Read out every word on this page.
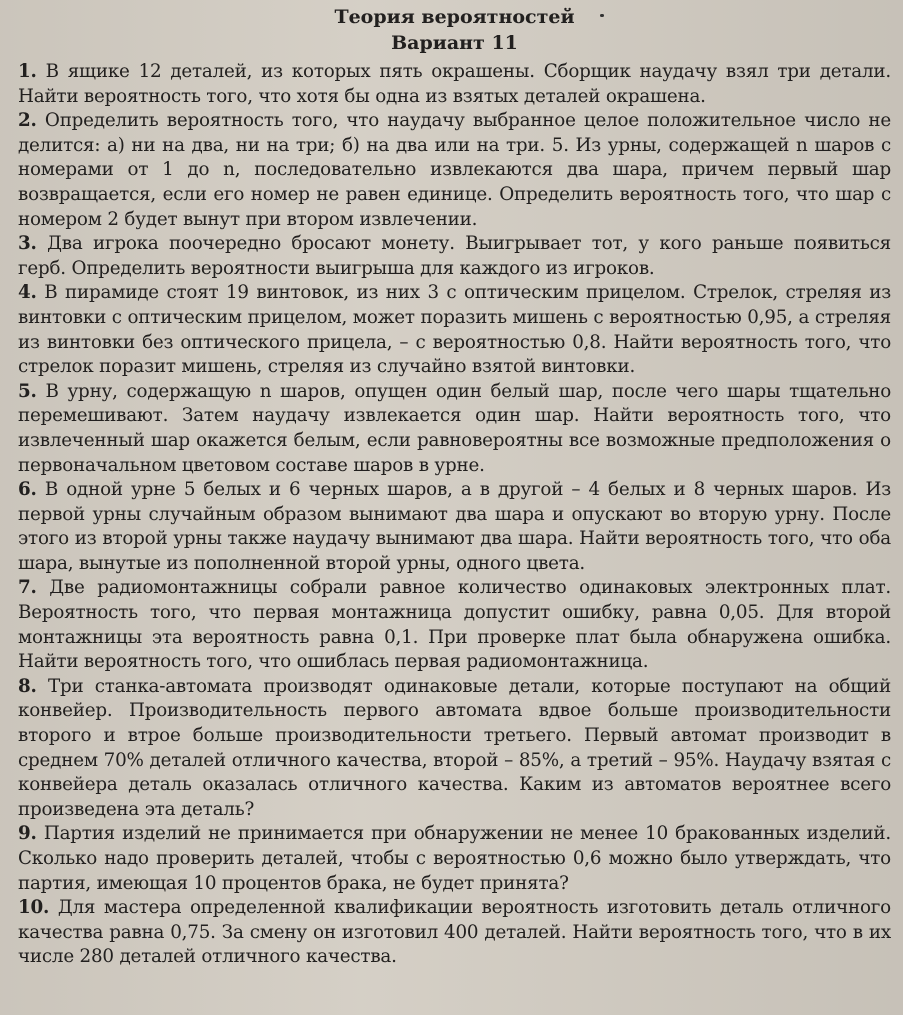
Теория вероятностей
Вариант 11

1. В ящике 12 деталей, из которых пять окрашены. Сборщик наудачу взял три детали. Найти вероятность того, что хотя бы одна из взятых деталей окрашена.

2. Определить вероятность того, что наудачу выбранное целое положительное число не делится: а) ни на два, ни на три; б) на два или на три. 5. Из урны, содержащей n шаров с номерами от 1 до n, последовательно извлекаются два шара, причем первый шар возвращается, если его номер не равен единице. Определить вероятность того, что шар с номером 2 будет вынут при втором извлечении.

3. Два игрока поочередно бросают монету. Выигрывает тот, у кого раньше появиться герб. Определить вероятности выигрыша для каждого из игроков.

4. В пирамиде стоят 19 винтовок, из них 3 с оптическим прицелом. Стрелок, стреляя из винтовки с оптическим прицелом, может поразить мишень с вероятностью 0,95, а стреляя из винтовки без оптического прицела, – с вероятностью 0,8. Найти вероятность того, что стрелок поразит мишень, стреляя из случайно взятой винтовки.

5. В урну, содержащую n шаров, опущен один белый шар, после чего шары тщательно перемешивают. Затем наудачу извлекается один шар. Найти вероятность того, что извлеченный шар окажется белым, если равновероятны все возможные предположения о первоначальном цветовом составе шаров в урне.

6. В одной урне 5 белых и 6 черных шаров, а в другой – 4 белых и 8 черных шаров. Из первой урны случайным образом вынимают два шара и опускают во вторую урну. После этого из второй урны также наудачу вынимают два шара. Найти вероятность того, что оба шара, вынутые из пополненной второй урны, одного цвета.

7. Две радиомонтажницы собрали равное количество одинаковых электронных плат. Вероятность того, что первая монтажница допустит ошибку, равна 0,05. Для второй монтажницы эта вероятность равна 0,1. При проверке плат была обнаружена ошибка. Найти вероятность того, что ошиблась первая радиомонтажница.

8. Три станка-автомата производят одинаковые детали, которые поступают на общий конвейер. Производительность первого автомата вдвое больше производительности второго и втрое больше производительности третьего. Первый автомат производит в среднем 70% деталей отличного качества, второй – 85%, а третий – 95%. Наудачу взятая с конвейера деталь оказалась отличного качества. Каким из автоматов вероятнее всего произведена эта деталь?

9. Партия изделий не принимается при обнаружении не менее 10 бракованных изделий. Сколько надо проверить деталей, чтобы с вероятностью 0,6 можно было утверждать, что партия, имеющая 10 процентов брака, не будет принята?

10. Для мастера определенной квалификации вероятность изготовить деталь отличного качества равна 0,75. За смену он изготовил 400 деталей. Найти вероятность того, что в их числе 280 деталей отличного качества.
